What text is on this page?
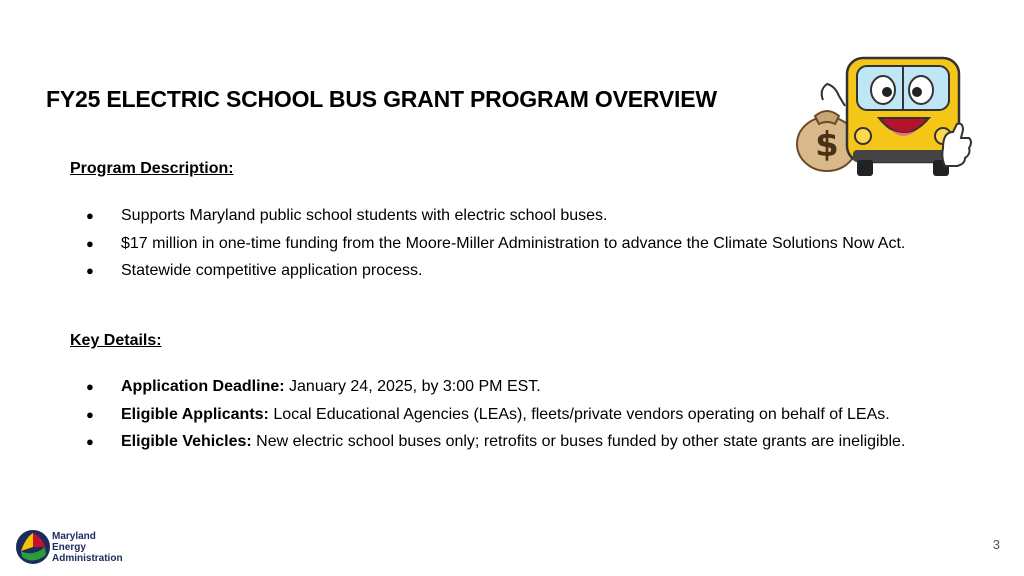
FY25 ELECTRIC SCHOOL BUS GRANT PROGRAM OVERVIEW
$
Program Description:
● Supports Maryland public school students with electric school buses.
● $17 million in one-time funding from the Moore-Miller Administration to advance the Climate Solutions Now Act.
● Statewide competitive application process.
Key Details:
● Application Deadline: January 24, 2025, by 3:00 PM EST.
● Eligible Applicants: Local Educational Agencies (LEAs), fleets/private vendors operating on behalf of LEAs.
● Eligible Vehicles: New electric school buses only; retrofits or buses funded by other state grants are ineligible.
Maryland
Energy
Administration
3
